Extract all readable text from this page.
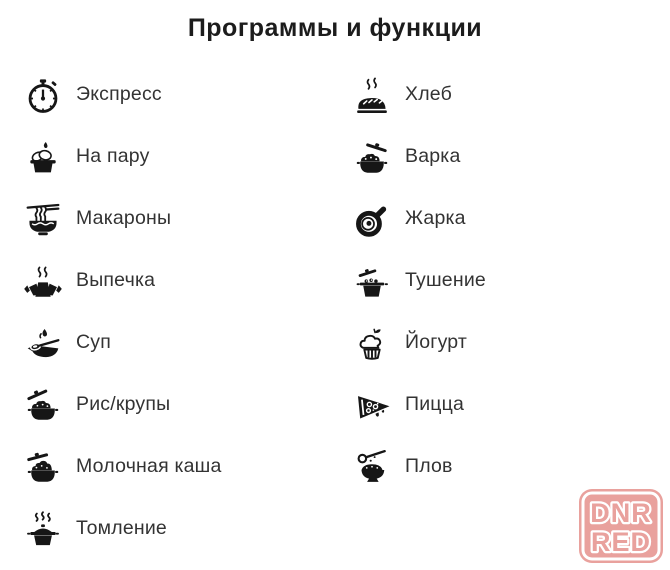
Программы и функции
Экспресс
На пару
Макароны
Выпечка
Суп
Рис/крупы
Молочная каша
Томление
Хлеб
Варка
Жарка
Тушение
Йогурт
Пицца
Плов
DNR
RED
